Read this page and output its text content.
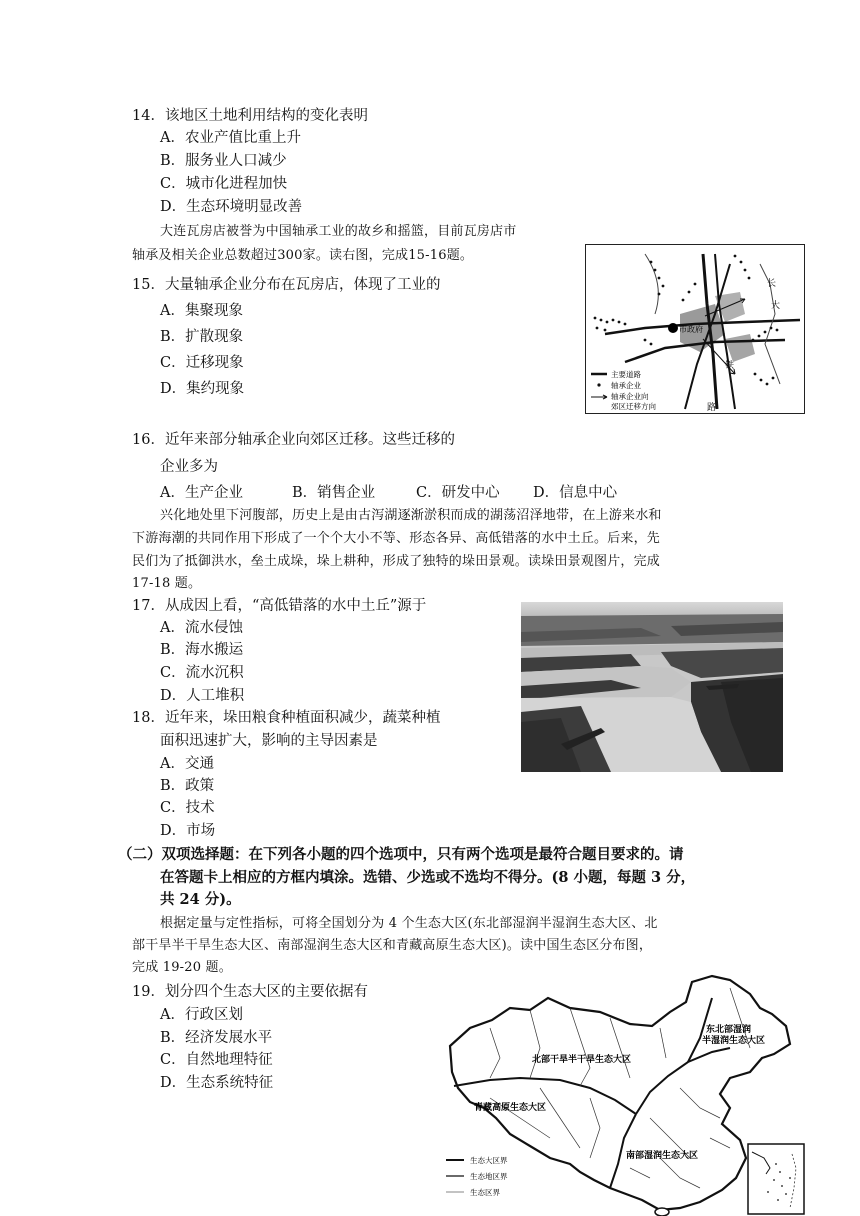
14．该地区土地利用结构的变化表明
A．农业产值比重上升
B．服务业人口减少
C．城市化进程加快
D．生态环境明显改善
大连瓦房店被誉为中国轴承工业的故乡和摇篮，目前瓦房店市
轴承及相关企业总数超过300家。读右图，完成15-16题。
市政府
长
大
铁
路
主要道路
轴承企业
轴承企业向
郊区迁移方向
15．大量轴承企业分布在瓦房店，体现了工业的
A．集聚现象
B．扩散现象
C．迁移现象
D．集约现象
16．近年来部分轴承企业向郊区迁移。这些迁移的
企业多为
A．生产企业	B．销售企业	C．研发中心 D．信息中心
兴化地处里下河腹部，历史上是由古泻湖逐渐淤积而成的湖荡沼泽地带，在上游来水和
下游海潮的共同作用下形成了一个个大小不等、形态各异、高低错落的水中土丘。后来，先
民们为了抵御洪水，垒土成垛，垛上耕种，形成了独特的垛田景观。读垛田景观图片，完成
17-18 题。
17．从成因上看，“高低错落的水中土丘”源于
A．流水侵蚀
B．海水搬运
C．流水沉积
D．人工堆积
18．近年来，垛田粮食种植面积减少，蔬菜种植
面积迅速扩大，影响的主导因素是
A．交通
B．政策
C．技术
D．市场
（二）双项选择题：在下列各小题的四个选项中，只有两个选项是最符合题目要求的。请
在答题卡上相应的方框内填涂。选错、少选或不选均不得分。(8 小题，每题 3 分，
共 24 分)。
根据定量与定性指标，可将全国划分为 4 个生态大区(东北部湿润半湿润生态大区、北
部干旱半干旱生态大区、南部湿润生态大区和青藏高原生态大区)。读中国生态区分布图，
完成 19-20 题。
19．划分四个生态大区的主要依据有
A．行政区划
B．经济发展水平
C．自然地理特征
D．生态系统特征
东北部湿润
半湿润生态大区
北部干旱半干旱生态大区
青藏高原生态大区
南部湿润生态大区
生态大区界
生态地区界
生态区界
